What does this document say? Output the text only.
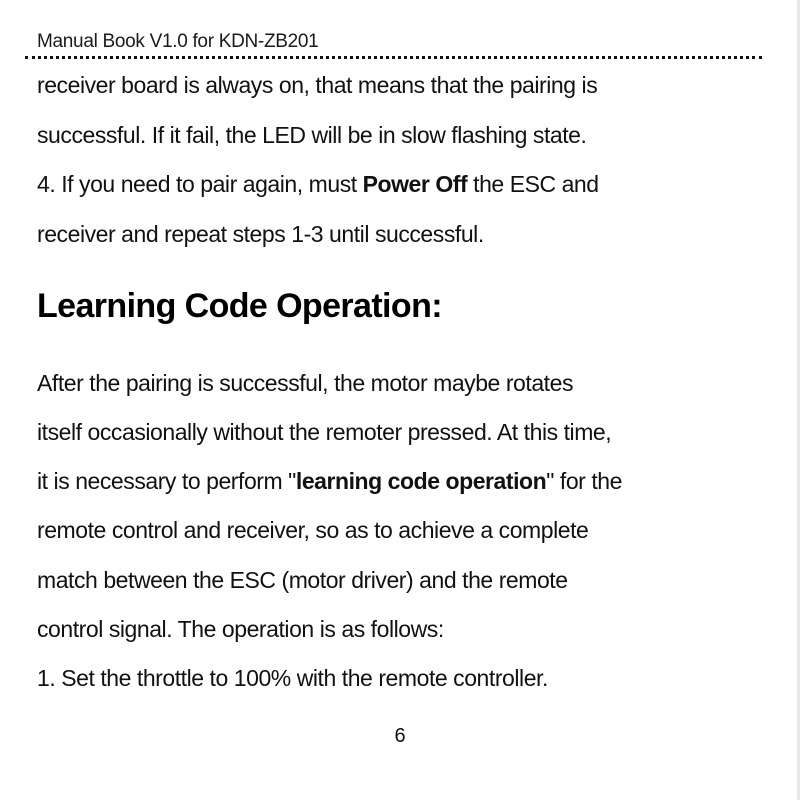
Manual Book V1.0 for KDN-ZB201
receiver board is always on, that means that the pairing is
successful. If it fail, the LED will be in slow flashing state.
4. If you need to pair again, must Power Off the ESC and
receiver and repeat steps 1-3 until successful.
Learning Code Operation:
After the pairing is successful, the motor maybe rotates
itself occasionally without the remoter pressed. At this time,
it is necessary to perform "learning code operation" for the
remote control and receiver, so as to achieve a complete
match between the ESC (motor driver) and the remote
control signal. The operation is as follows:
1. Set the throttle to 100% with the remote controller.
6
